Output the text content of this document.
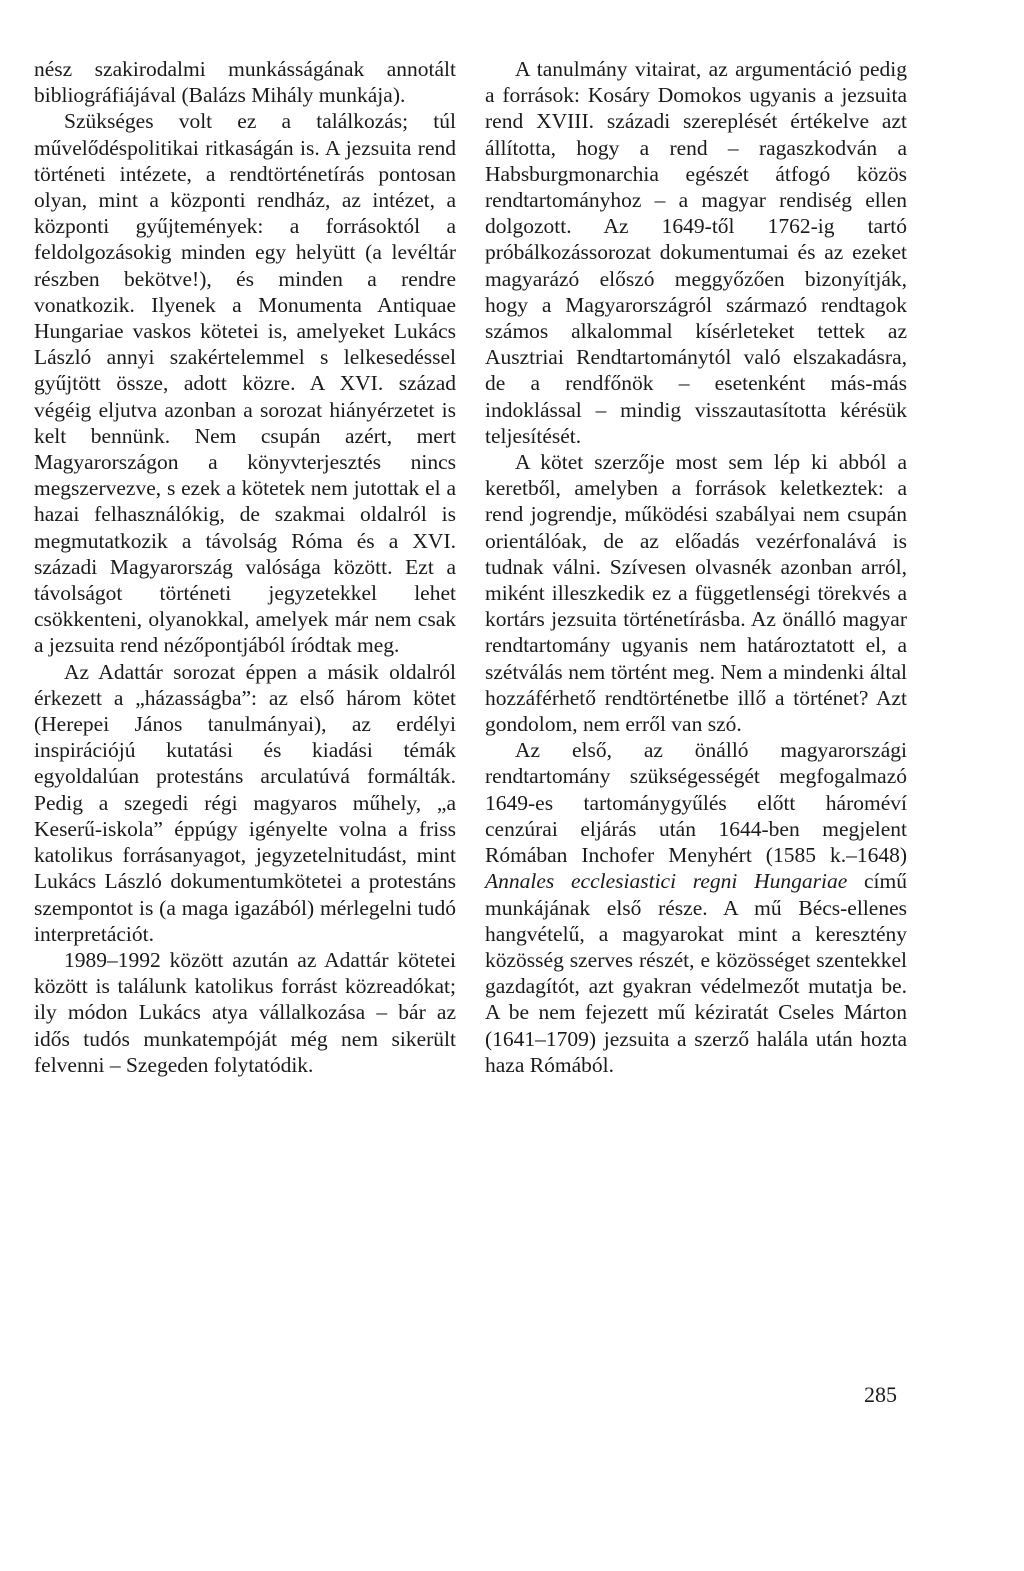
nész szakirodalmi munkásságának annotált bibliográfiájával (Balázs Mihály munkája).

Szükséges volt ez a találkozás; túl művelődéspolitikai ritkaságán is. A jezsuita rend történeti intézete, a rendtörténetírás pontosan olyan, mint a központi rendház, az intézet, a központi gyűjtemények: a forrásoktól a feldolgozásokig minden egy helyütt (a levéltár részben bekötve!), és minden a rendre vonatkozik. Ilyenek a Monumenta Antiquae Hungariae vaskos kötetei is, amelyeket Lukács László annyi szakértelemmel s lelkesedéssel gyűjtött össze, adott közre. A XVI. század végéig eljutva azonban a sorozat hiányérzetet is kelt bennünk. Nem csupán azért, mert Magyarországon a könyvterjesztés nincs megszervezve, s ezek a kötetek nem jutottak el a hazai felhasználókig, de szakmai oldalról is megmutatkozik a távolság Róma és a XVI. századi Magyarország valósága között. Ezt a távolságot történeti jegyzetekkel lehet csökkenteni, olyanokkal, amelyek már nem csak a jezsuita rend nézőpontjából íródtak meg.

Az Adattár sorozat éppen a másik oldalról érkezett a „házasságba”: az első három kötet (Herepei János tanulmányai), az erdélyi inspirációjú kutatási és kiadási témák egyoldalúan protestáns arculatúvá formálták. Pedig a szegedi régi magyaros műhely, „a Keserű-iskola” éppúgy igényelte volna a friss katolikus forrásanyagot, jegyzetelnitudást, mint Lukács László dokumentumkötetei a protestáns szempontot is (a maga igazából) mérlegelni tudó interpretációt.

1989–1992 között azután az Adattár kötetei között is találunk katolikus forrást közreadókat; ily módon Lukács atya vállalkozása – bár az idős tudós munkatempóját még nem sikerült felvenni – Szegeden folytatódik.

A tanulmány vitairat, az argumentáció pedig a források: Kosáry Domokos ugyanis a jezsuita rend XVIII. századi szereplését értékelve azt állította, hogy a rend – ragaszkodván a Habsburgmonarchia egészét átfogó közös rendtartományhoz – a magyar rendiség ellen dolgozott. Az 1649-től 1762-ig tartó próbálkozássorozat dokumentumai és az ezeket magyarázó előszó meggyőzően bizonyítják, hogy a Magyarországról származó rendtagok számos alkalommal kísérleteket tettek az Ausztriai Rendtartománytól való elszakadásra, de a rendfőnök – esetenként más-más indoklással – mindig visszautasította kérésük teljesítését.

A kötet szerzője most sem lép ki abból a keretből, amelyben a források keletkeztek: a rend jogrendje, működési szabályai nem csupán orientálóak, de az előadás vezérfonalává is tudnak válni. Szívesen olvasnék azonban arról, miként illeszkedik ez a függetlenségi törekvés a kortárs jezsuita történetírásba. Az önálló magyar rendtartomány ugyanis nem határoztatott el, a szétválás nem történt meg. Nem a mindenki által hozzáférhető rendtörténetbe illő a történet? Azt gondolom, nem erről van szó.

Az első, az önálló magyarországi rendtartomány szükségességét megfogalmazó 1649-es tartománygyűlés előtt hároméví cenzúrai eljárás után 1644-ben megjelent Rómában Inchofer Menyhért (1585 k.–1648) Annales ecclesiastici regni Hungariae című munkájának első része. A mű Bécs-ellenes hangvételű, a magyarokat mint a keresztény közösség szerves részét, e közösséget szentekkel gazdagítót, azt gyakran védelmezőt mutatja be. A be nem fejezett mű kéziratát Cseles Márton (1641–1709) jezsuita a szerző halála után hozta haza Rómából.

285
